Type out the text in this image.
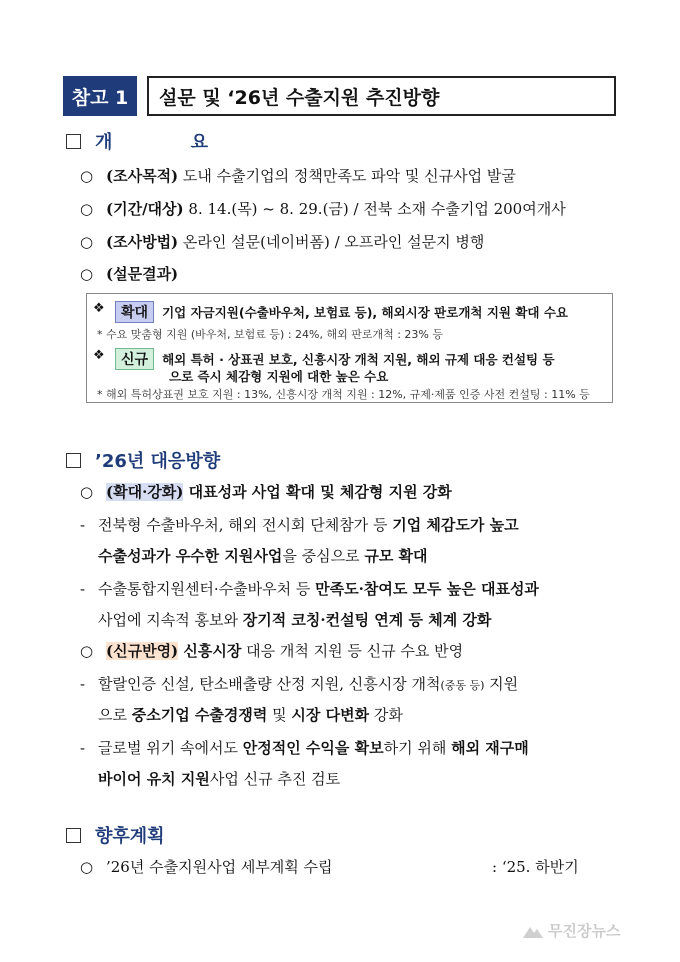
참고 1	설문 및 ‘26년 수출지원 추진방향
개 요
○ (조사목적) 도내 수출기업의 정책만족도 파악 및 신규사업 발굴
○ (기간/대상) 8. 14.(목) ~ 8. 29.(금) / 전북 소재 수출기업 200여개사
○ (조사방법) 온라인 설문(네이버폼) / 오프라인 설문지 병행
○ (설문결과)
❖	확대	기업 자금지원(수출바우처, 보험료 등), 해외시장 판로개척 지원 확대 수요
* 수요 맞춤형 지원 (바우처, 보험료 등) : 24%, 해외 판로개척 : 23% 등
❖	신규	해외 특허 · 상표권 보호, 신흥시장 개척 지원, 해외 규제 대응 컨설팅 등
으로 즉시 체감형 지원에 대한 높은 수요
* 해외 특허상표권 보호 지원 : 13%, 신흥시장 개척 지원 : 12%, 규제·제품 인증 사전 컨설팅 : 11% 등
’26년 대응방향
○ (확대·강화) 대표성과 사업 확대 및 체감형 지원 강화
- 전북형 수출바우처, 해외 전시회 단체참가 등 기업 체감도가 높고
수출성과가 우수한 지원사업을 중심으로 규모 확대
- 수출통합지원센터·수출바우처 등 만족도·참여도 모두 높은 대표성과
사업에 지속적 홍보와 장기적 코칭·컨설팅 연계 등 체계 강화
○ (신규반영) 신흥시장 대응 개척 지원 등 신규 수요 반영
- 할랄인증 신설, 탄소배출량 산정 지원, 신흥시장 개척(중동 등) 지원
으로 중소기업 수출경쟁력 및 시장 다변화 강화
- 글로벌 위기 속에서도 안정적인 수익을 확보하기 위해 해외 재구매
바이어 유치 지원사업 신규 추진 검토
향후계획
○ ’26년 수출지원사업 세부계획 수립	: ‘25. 하반기
무진장뉴스
